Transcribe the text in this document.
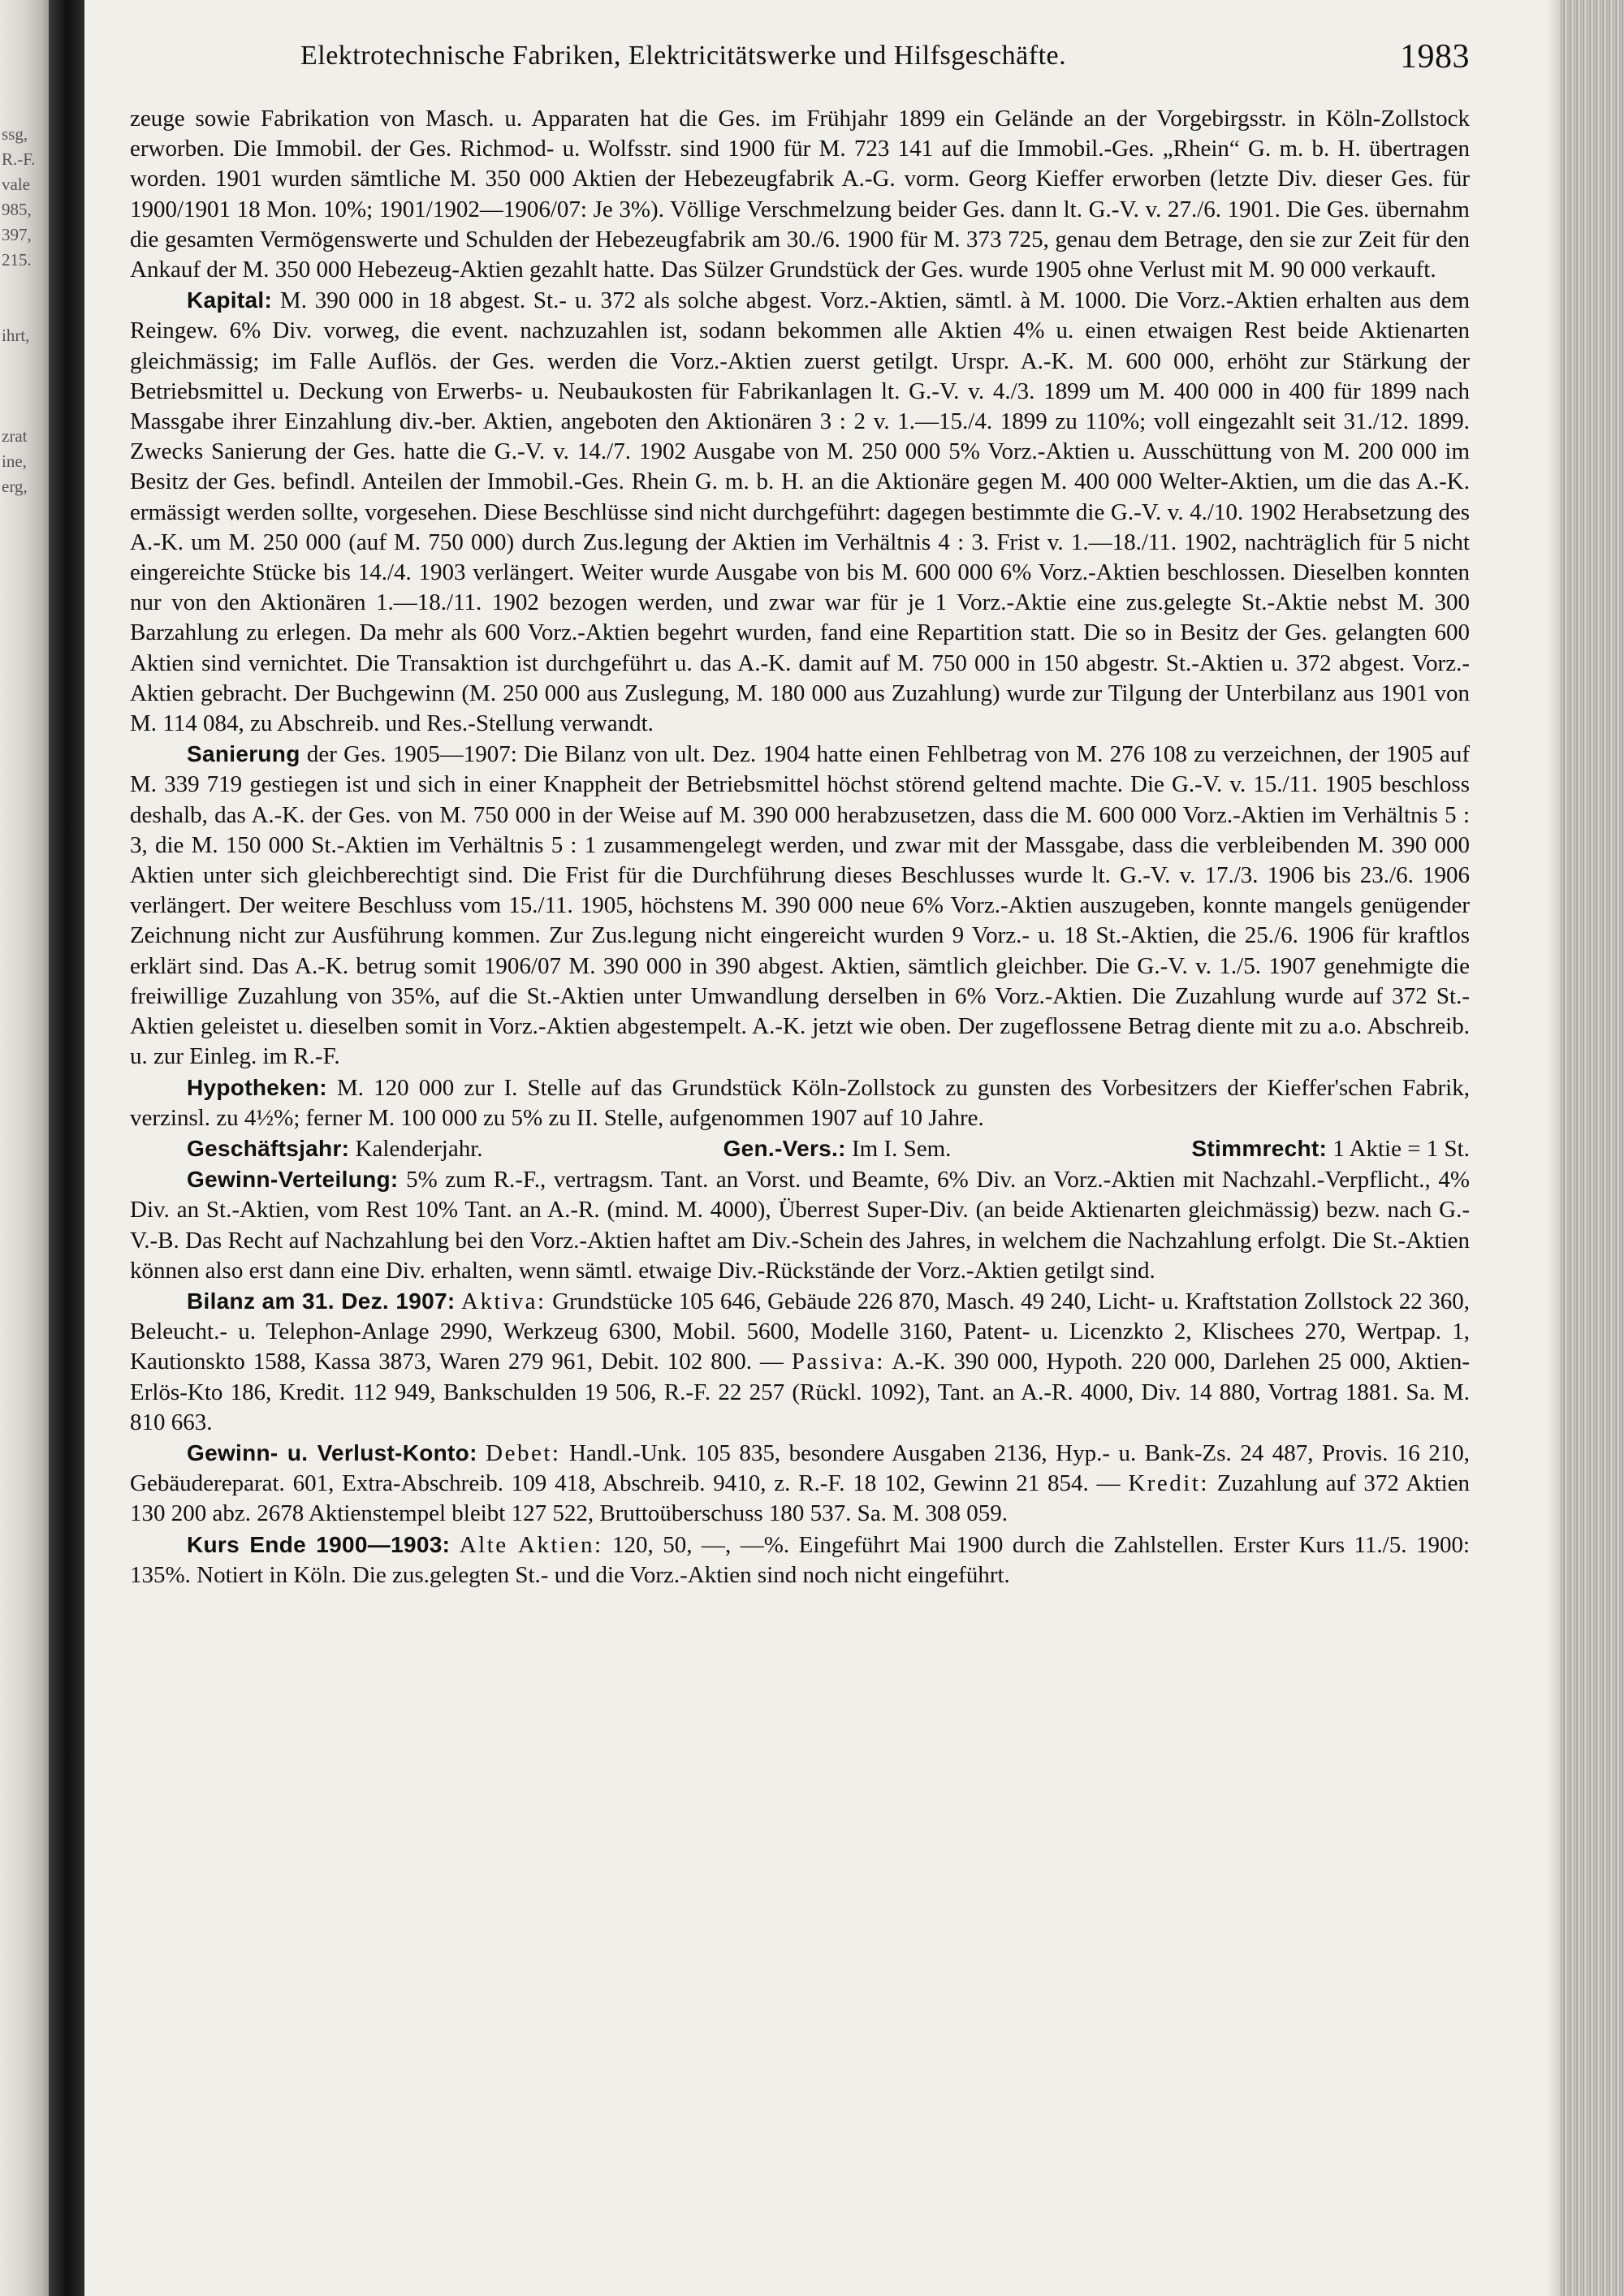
ssg,
R.-F.
vale
985,
397,
215.

ihrt,

zrat
ine,
erg,
Elektrotechnische Fabriken, Elektricitätswerke und Hilfsgeschäfte.	1983

zeuge sowie Fabrikation von Masch. u. Apparaten hat die Ges. im Frühjahr 1899 ein Gelände an der Vorgebirgsstr. in Köln-Zollstock erworben. Die Immobil. der Ges. Richmod- u. Wolfsstr. sind 1900 für M. 723 141 auf die Immobil.-Ges. „Rhein“ G. m. b. H. übertragen worden. 1901 wurden sämtliche M. 350 000 Aktien der Hebezeugfabrik A.-G. vorm. Georg Kieffer erworben (letzte Div. dieser Ges. für 1900/1901 18 Mon. 10%; 1901/1902—1906/07: Je 3%). Völlige Verschmelzung beider Ges. dann lt. G.-V. v. 27./6. 1901. Die Ges. übernahm die gesamten Vermögenswerte und Schulden der Hebezeugfabrik am 30./6. 1900 für M. 373 725, genau dem Betrage, den sie zur Zeit für den Ankauf der M. 350 000 Hebezeug-Aktien gezahlt hatte. Das Sülzer Grundstück der Ges. wurde 1905 ohne Verlust mit M. 90 000 verkauft.

Kapital: M. 390 000 in 18 abgest. St.- u. 372 als solche abgest. Vorz.-Aktien, sämtl. à M. 1000. Die Vorz.-Aktien erhalten aus dem Reingew. 6% Div. vorweg, die event. nachzuzahlen ist, sodann bekommen alle Aktien 4% u. einen etwaigen Rest beide Aktienarten gleichmässig; im Falle Auflös. der Ges. werden die Vorz.-Aktien zuerst getilgt. Urspr. A.-K. M. 600 000, erhöht zur Stärkung der Betriebsmittel u. Deckung von Erwerbs- u. Neubaukosten für Fabrikanlagen lt. G.-V. v. 4./3. 1899 um M. 400 000 in 400 für 1899 nach Massgabe ihrer Einzahlung div.-ber. Aktien, angeboten den Aktionären 3 : 2 v. 1.—15./4. 1899 zu 110%; voll eingezahlt seit 31./12. 1899. Zwecks Sanierung der Ges. hatte die G.-V. v. 14./7. 1902 Ausgabe von M. 250 000 5% Vorz.-Aktien u. Ausschüttung von M. 200 000 im Besitz der Ges. befindl. Anteilen der Immobil.-Ges. Rhein G. m. b. H. an die Aktionäre gegen M. 400 000 Welter-Aktien, um die das A.-K. ermässigt werden sollte, vorgesehen. Diese Beschlüsse sind nicht durchgeführt: dagegen bestimmte die G.-V. v. 4./10. 1902 Herabsetzung des A.-K. um M. 250 000 (auf M. 750 000) durch Zus.legung der Aktien im Verhältnis 4 : 3. Frist v. 1.—18./11. 1902, nachträglich für 5 nicht eingereichte Stücke bis 14./4. 1903 verlängert. Weiter wurde Ausgabe von bis M. 600 000 6% Vorz.-Aktien beschlossen. Dieselben konnten nur von den Aktionären 1.—18./11. 1902 bezogen werden, und zwar war für je 1 Vorz.-Aktie eine zus.gelegte St.-Aktie nebst M. 300 Barzahlung zu erlegen. Da mehr als 600 Vorz.-Aktien begehrt wurden, fand eine Repartition statt. Die so in Besitz der Ges. gelangten 600 Aktien sind vernichtet. Die Transaktion ist durchgeführt u. das A.-K. damit auf M. 750 000 in 150 abgestr. St.-Aktien u. 372 abgest. Vorz.-Aktien gebracht. Der Buchgewinn (M. 250 000 aus Zuslegung, M. 180 000 aus Zuzahlung) wurde zur Tilgung der Unterbilanz aus 1901 von M. 114 084, zu Abschreib. und Res.-Stellung verwandt.

Sanierung der Ges. 1905—1907: Die Bilanz von ult. Dez. 1904 hatte einen Fehlbetrag von M. 276 108 zu verzeichnen, der 1905 auf M. 339 719 gestiegen ist und sich in einer Knappheit der Betriebsmittel höchst störend geltend machte. Die G.-V. v. 15./11. 1905 beschloss deshalb, das A.-K. der Ges. von M. 750 000 in der Weise auf M. 390 000 herabzusetzen, dass die M. 600 000 Vorz.-Aktien im Verhältnis 5 : 3, die M. 150 000 St.-Aktien im Verhältnis 5 : 1 zusammengelegt werden, und zwar mit der Massgabe, dass die verbleibenden M. 390 000 Aktien unter sich gleichberechtigt sind. Die Frist für die Durchführung dieses Beschlusses wurde lt. G.-V. v. 17./3. 1906 bis 23./6. 1906 verlängert. Der weitere Beschluss vom 15./11. 1905, höchstens M. 390 000 neue 6% Vorz.-Aktien auszugeben, konnte mangels genügender Zeichnung nicht zur Ausführung kommen. Zur Zus.legung nicht eingereicht wurden 9 Vorz.- u. 18 St.-Aktien, die 25./6. 1906 für kraftlos erklärt sind. Das A.-K. betrug somit 1906/07 M. 390 000 in 390 abgest. Aktien, sämtlich gleichber. Die G.-V. v. 1./5. 1907 genehmigte die freiwillige Zuzahlung von 35%, auf die St.-Aktien unter Umwandlung derselben in 6% Vorz.-Aktien. Die Zuzahlung wurde auf 372 St.-Aktien geleistet u. dieselben somit in Vorz.-Aktien abgestempelt. A.-K. jetzt wie oben. Der zugeflossene Betrag diente mit zu a.o. Abschreib. u. zur Einleg. im R.-F.

Hypotheken: M. 120 000 zur I. Stelle auf das Grundstück Köln-Zollstock zu gunsten des Vorbesitzers der Kieffer'schen Fabrik, verzinsl. zu 4½%; ferner M. 100 000 zu 5% zu II. Stelle, aufgenommen 1907 auf 10 Jahre.

Geschäftsjahr: Kalenderjahr.	Gen.-Vers.: Im I. Sem.	Stimmrecht: 1 Aktie = 1 St.

Gewinn-Verteilung: 5% zum R.-F., vertragsm. Tant. an Vorst. und Beamte, 6% Div. an Vorz.-Aktien mit Nachzahl.-Verpflicht., 4% Div. an St.-Aktien, vom Rest 10% Tant. an A.-R. (mind. M. 4000), Überrest Super-Div. (an beide Aktienarten gleichmässig) bezw. nach G.-V.-B. Das Recht auf Nachzahlung bei den Vorz.-Aktien haftet am Div.-Schein des Jahres, in welchem die Nachzahlung erfolgt. Die St.-Aktien können also erst dann eine Div. erhalten, wenn sämtl. etwaige Div.-Rückstände der Vorz.-Aktien getilgt sind.

Bilanz am 31. Dez. 1907: Aktiva: Grundstücke 105 646, Gebäude 226 870, Masch. 49 240, Licht- u. Kraftstation Zollstock 22 360, Beleucht.- u. Telephon-Anlage 2990, Werkzeug 6300, Mobil. 5600, Modelle 3160, Patent- u. Licenzkto 2, Klischees 270, Wertpap. 1, Kautionskto 1588, Kassa 3873, Waren 279 961, Debit. 102 800. — Passiva: A.-K. 390 000, Hypoth. 220 000, Darlehen 25 000, Aktien-Erlös-Kto 186, Kredit. 112 949, Bankschulden 19 506, R.-F. 22 257 (Rückl. 1092), Tant. an A.-R. 4000, Div. 14 880, Vortrag 1881. Sa. M. 810 663.

Gewinn- u. Verlust-Konto: Debet: Handl.-Unk. 105 835, besondere Ausgaben 2136, Hyp.- u. Bank-Zs. 24 487, Provis. 16 210, Gebäudereparat. 601, Extra-Abschreib. 109 418, Abschreib. 9410, z. R.-F. 18 102, Gewinn 21 854. — Kredit: Zuzahlung auf 372 Aktien 130 200 abz. 2678 Aktienstempel bleibt 127 522, Bruttoüberschuss 180 537. Sa. M. 308 059.

Kurs Ende 1900—1903: Alte Aktien: 120, 50, —, —%. Eingeführt Mai 1900 durch die Zahlstellen. Erster Kurs 11./5. 1900: 135%. Notiert in Köln. Die zus.gelegten St.- und die Vorz.-Aktien sind noch nicht eingeführt.
